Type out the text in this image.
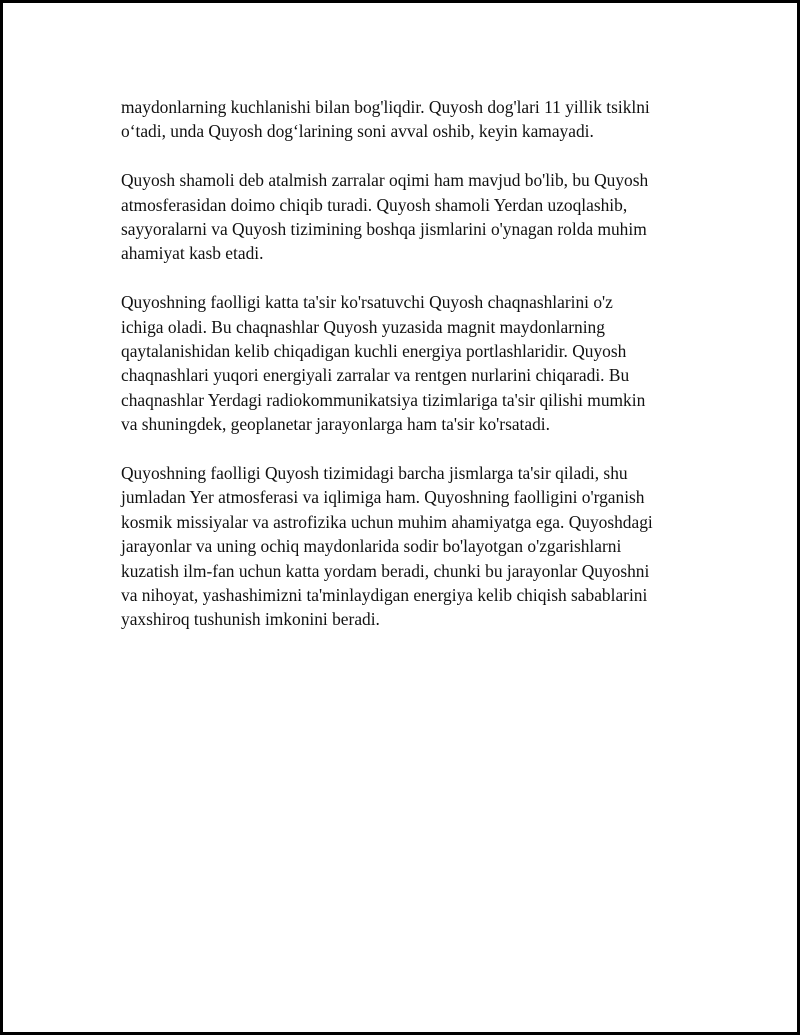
maydonlarning kuchlanishi bilan bog'liqdir. Quyosh dog'lari 11 yillik tsiklni
o‘tadi, unda Quyosh dog‘larining soni avval oshib, keyin kamayadi.

Quyosh shamoli deb atalmish zarralar oqimi ham mavjud bo'lib, bu Quyosh
atmosferasidan doimo chiqib turadi. Quyosh shamoli Yerdan uzoqlashib,
sayyoralarni va Quyosh tizimining boshqa jismlarini o'ynagan rolda muhim
ahamiyat kasb etadi.

Quyoshning faolligi katta ta'sir ko'rsatuvchi Quyosh chaqnashlarini o'z
ichiga oladi. Bu chaqnashlar Quyosh yuzasida magnit maydonlarning
qaytalanishidan kelib chiqadigan kuchli energiya portlashlaridir. Quyosh
chaqnashlari yuqori energiyali zarralar va rentgen nurlarini chiqaradi. Bu
chaqnashlar Yerdagi radiokommunikatsiya tizimlariga ta'sir qilishi mumkin
va shuningdek, geoplanetar jarayonlarga ham ta'sir ko'rsatadi.

Quyoshning faolligi Quyosh tizimidagi barcha jismlarga ta'sir qiladi, shu
jumladan Yer atmosferasi va iqlimiga ham. Quyoshning faolligini o'rganish
kosmik missiyalar va astrofizika uchun muhim ahamiyatga ega. Quyoshdagi
jarayonlar va uning ochiq maydonlarida sodir bo'layotgan o'zgarishlarni
kuzatish ilm-fan uchun katta yordam beradi, chunki bu jarayonlar Quyoshni
va nihoyat, yashashimizni ta'minlaydigan energiya kelib chiqish sabablarini
yaxshiroq tushunish imkonini beradi.
